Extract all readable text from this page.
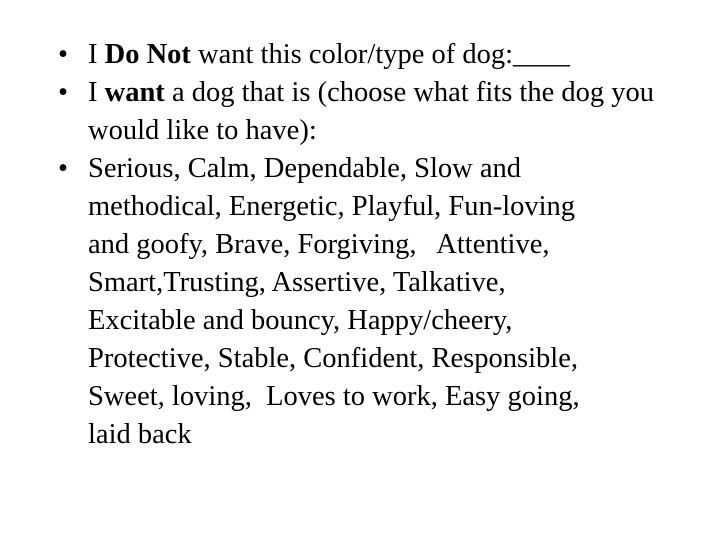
• I Do Not want this color/type of dog:____
• I want a dog that is (choose what fits the dog you would like to have):
• Serious, Calm, Dependable, Slow and
methodical, Energetic, Playful, Fun-loving
and goofy, Brave, Forgiving,   Attentive,
Smart,Trusting, Assertive, Talkative,
Excitable and bouncy, Happy/cheery,
Protective, Stable, Confident, Responsible,
Sweet, loving,  Loves to work, Easy going,
laid back
